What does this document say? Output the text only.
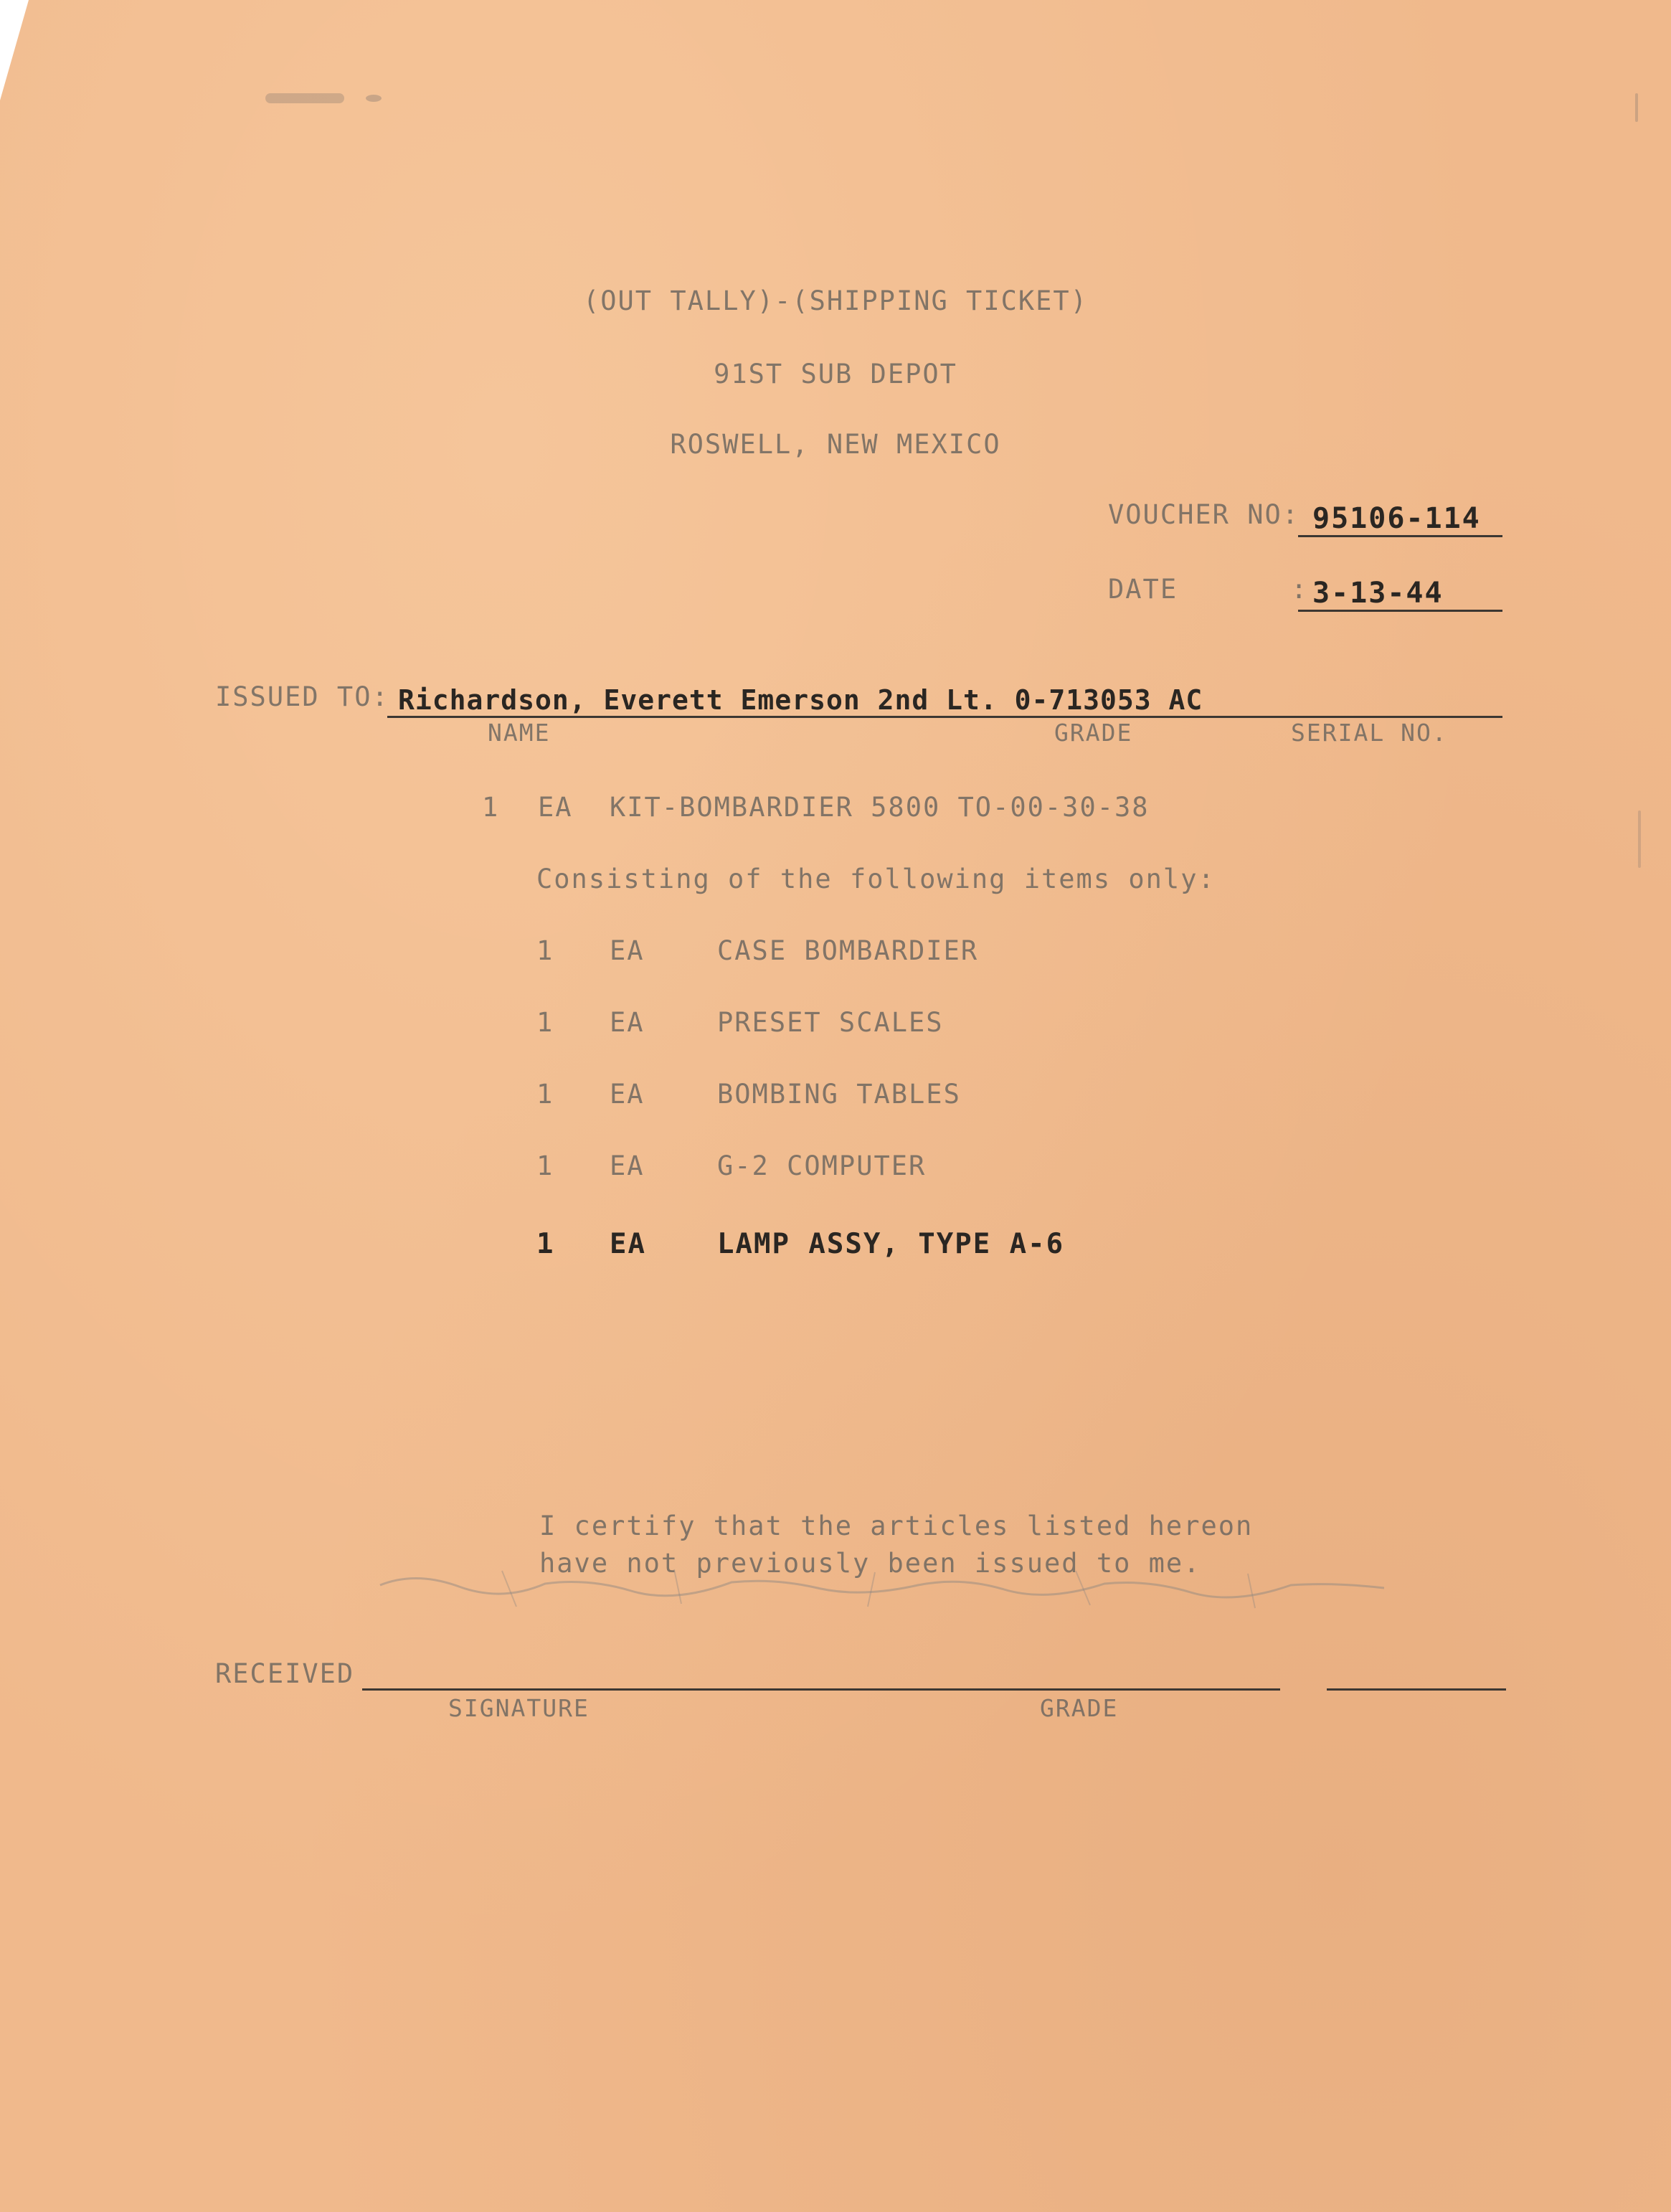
(OUT TALLY)-(SHIPPING TICKET)
91ST SUB DEPOT
ROSWELL, NEW MEXICO
VOUCHER NO: 95106-114
DATE	: 3-13-44
ISSUED TO: Richardson, Everett Emerson 2nd Lt. 0-713053 AC
NAME	GRADE	SERIAL NO.
1 EA KIT-BOMBARDIER 5800 TO-00-30-38
Consisting of the following items only:
1 EA	CASE BOMBARDIER
1 EA	PRESET SCALES
1 EA	BOMBING TABLES
1 EA	G-2 COMPUTER
1 EA	LAMP ASSY, TYPE A-6
I certify that the articles listed hereon
have not previously been issued to me.
RECEIVED
SIGNATURE	GRADE
